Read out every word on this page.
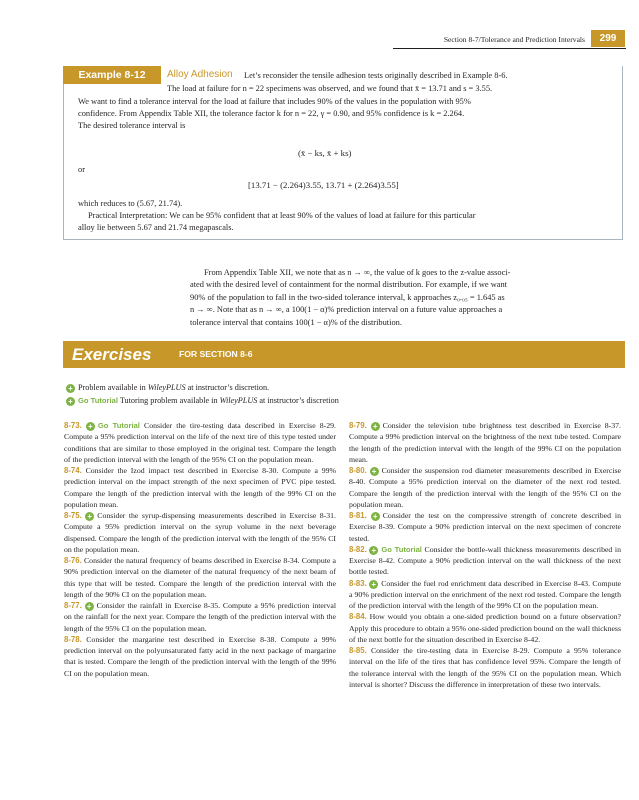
Section 8-7/Tolerance and Prediction Intervals	299
Example 8-12	Alloy Adhesion	Let’s reconsider the tensile adhesion tests originally described in Example 8-6.
The load at failure for n = 22 specimens was observed, and we found that x̄ = 13.71 and s = 3.55.
We want to find a tolerance interval for the load at failure that includes 90% of the values in the population with 95%
confidence. From Appendix Table XII, the tolerance factor k for n = 22, γ = 0.90, and 95% confidence is k = 2.264.
The desired tolerance interval is
(x̄ − ks, x̄ + ks)
or
[13.71 − (2.264)3.55, 13.71 + (2.264)3.55]
which reduces to (5.67, 21.74).
Practical Interpretation: We can be 95% confident that at least 90% of the values of load at failure for this particular
alloy lie between 5.67 and 21.74 megapascals.
From Appendix Table XII, we note that as n → ∞, the value of k goes to the z-value associ-
ated with the desired level of containment for the normal distribution. For example, if we want
90% of the population to fall in the two-sided tolerance interval, k approaches z₀.₀₅ = 1.645 as
n → ∞. Note that as n → ∞, a 100(1 − α)% prediction interval on a future value approaches a
tolerance interval that contains 100(1 − α)% of the distribution.
Exercises	FOR SECTION 8-6
+ Problem available in WileyPLUS at instructor’s discretion.
+ Go Tutorial Tutoring problem available in WileyPLUS at instructor’s discretion

8-73. + Go Tutorial Consider the tire-testing data described in Exercise 8-29. Compute a 95% prediction interval on the life of the next tire of this type tested under conditions that are similar to those employed in the original test. Compare the length of the prediction interval with the length of the 95% CI on the population mean.

8-74. Consider the Izod impact test described in Exercise 8-30. Compute a 99% prediction interval on the impact strength of the next specimen of PVC pipe tested. Compare the length of the prediction interval with the length of the 99% CI on the population mean.

8-75. + Consider the syrup-dispensing measurements described in Exercise 8-31. Compute a 95% prediction interval on the syrup volume in the next beverage dispensed. Compare the length of the prediction interval with the length of the 95% CI on the population mean.

8-76. Consider the natural frequency of beams described in Exercise 8-34. Compute a 90% prediction interval on the diameter of the natural frequency of the next beam of this type that will be tested. Compare the length of the prediction interval with the length of the 90% CI on the population mean.

8-77. + Consider the rainfall in Exercise 8-35. Compute a 95% prediction interval on the rainfall for the next year. Compare the length of the prediction interval with the length of the 95% CI on the population mean.

8-78. Consider the margarine test described in Exercise 8-38. Compute a 99% prediction interval on the polyunsaturated fatty acid in the next package of margarine that is tested. Compare the length of the prediction interval with the length of the 99% CI on the population mean.

8-79. + Consider the television tube brightness test described in Exercise 8-37. Compute a 99% prediction interval on the brightness of the next tube tested. Compare the length of the prediction interval with the length of the 99% CI on the population mean.

8-80. + Consider the suspension rod diameter measurements described in Exercise 8-40. Compute a 95% prediction interval on the diameter of the next rod tested. Compare the length of the prediction interval with the length of the 95% CI on the population mean.

8-81. + Consider the test on the compressive strength of concrete described in Exercise 8-39. Compute a 90% prediction interval on the next specimen of concrete tested.

8-82. + Go Tutorial Consider the bottle-wall thickness measurements described in Exercise 8-42. Compute a 90% prediction interval on the wall thickness of the next bottle tested.

8-83. + Consider the fuel rod enrichment data described in Exercise 8-43. Compute a 90% prediction interval on the enrichment of the next rod tested. Compare the length of the prediction interval with the length of the 99% CI on the population mean.

8-84. How would you obtain a one-sided prediction bound on a future observation? Apply this procedure to obtain a 95% one-sided prediction bound on the wall thickness of the next bottle for the situation described in Exercise 8-42.

8-85. Consider the tire-testing data in Exercise 8-29. Compute a 95% tolerance interval on the life of the tires that has confidence level 95%. Compare the length of the tolerance interval with the length of the 95% CI on the population mean. Which interval is shorter? Discuss the difference in interpretation of these two intervals.
